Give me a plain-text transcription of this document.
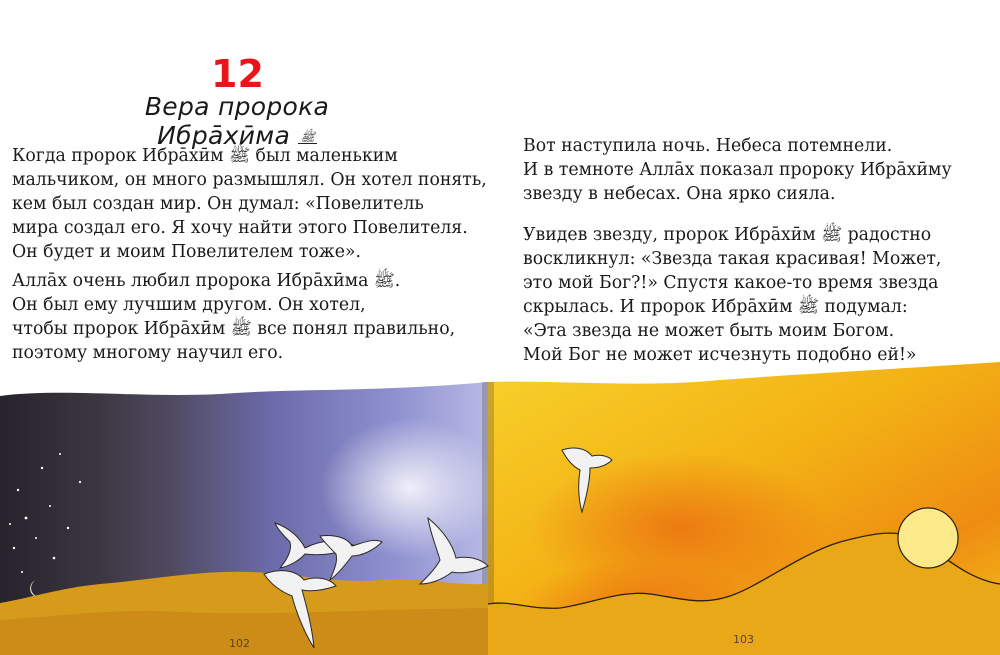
12
Вера пророка Ибрāхӣма ﷺ
Когда пророк Ибрāхӣм ﷺ был маленьким
мальчиком, он много размышлял. Он хотел понять,
кем был создан мир. Он думал: «Повелитель
мира создал его. Я хочу найти этого Повелителя.
Он будет и моим Повелителем тоже».
Аллāх очень любил пророка Ибрāхӣма ﷺ.
Он был ему лучшим другом. Он хотел,
чтобы пророк Ибрāхӣм ﷺ все понял правильно,
поэтому многому научил его.
Вот наступила ночь. Небеса потемнели.
И в темноте Аллāх показал пророку Ибрāхӣму
звезду в небесах. Она ярко сияла.
Увидев звезду, пророк Ибрāхӣм ﷺ радостно
воскликнул: «Звезда такая красивая! Может,
это мой Бог?!» Спустя какое-то время звезда
скрылась. И пророк Ибрāхӣм ﷺ подумал:
«Эта звезда не может быть моим Богом.
Мой Бог не может исчезнуть подобно ей!»
102	103
